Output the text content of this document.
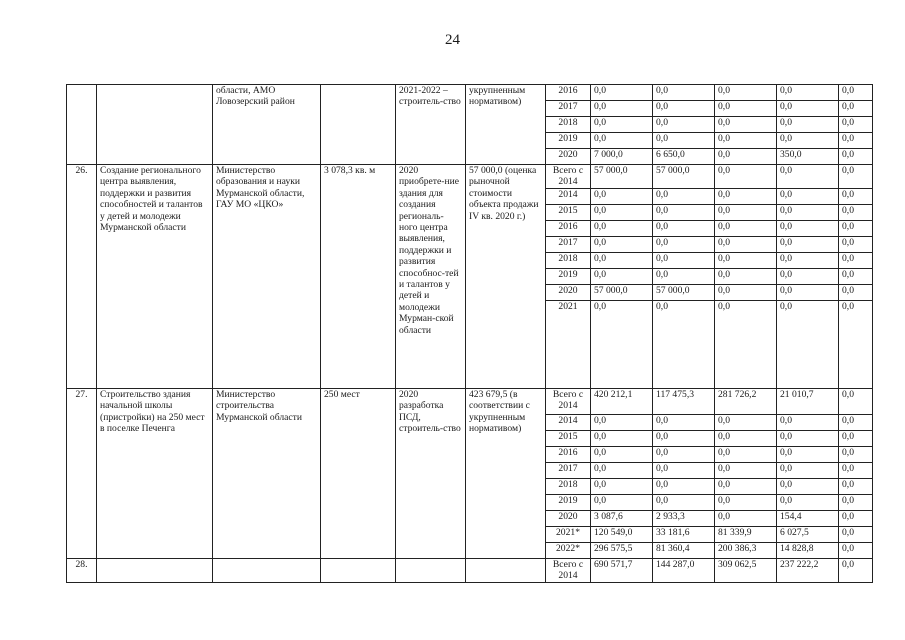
24
		области, АМО Ловозерский район		2021-2022 – строитель-ство	укрупненным нормативом)	2016	0,0	0,0	0,0	0,0	0,0
						2017	0,0	0,0	0,0	0,0	0,0
						2018	0,0	0,0	0,0	0,0	0,0
						2019	0,0	0,0	0,0	0,0	0,0
						2020	7 000,0	6 650,0	0,0	350,0	0,0
26.	Создание регионального центра выявления, поддержки и развития способностей и талантов у детей и молодежи Мурманской области	Министерство образования и науки Мурманской области, ГАУ МО «ЦКО»	3 078,3 кв. м	2020 приобрете-ние здания для создания региональ-ного центра выявления, поддержки и развития способнос-тей и талантов у детей и молодежи Мурман-ской области	57 000,0 (оценка рыночной стоимости объекта продажи IV кв. 2020 г.)	Всего с 2014	57 000,0	57 000,0	0,0	0,0	0,0
						2014	0,0	0,0	0,0	0,0	0,0
						2015	0,0	0,0	0,0	0,0	0,0
						2016	0,0	0,0	0,0	0,0	0,0
						2017	0,0	0,0	0,0	0,0	0,0
						2018	0,0	0,0	0,0	0,0	0,0
						2019	0,0	0,0	0,0	0,0	0,0
						2020	57 000,0	57 000,0	0,0	0,0	0,0
						2021	0,0	0,0	0,0	0,0	0,0
27.	Строительство здания начальной школы (пристройки) на 250 мест в поселке Печенга	Министерство строительства Мурманской области	250 мест	2020 разработка ПСД, строитель-ство	423 679,5 (в соответствии с укрупненным нормативом)	Всего с 2014	420 212,1	117 475,3	281 726,2	21 010,7	0,0
						2014	0,0	0,0	0,0	0,0	0,0
						2015	0,0	0,0	0,0	0,0	0,0
						2016	0,0	0,0	0,0	0,0	0,0
						2017	0,0	0,0	0,0	0,0	0,0
						2018	0,0	0,0	0,0	0,0	0,0
						2019	0,0	0,0	0,0	0,0	0,0
						2020	3 087,6	2 933,3	0,0	154,4	0,0
						2021*	120 549,0	33 181,6	81 339,9	6 027,5	0,0
						2022*	296 575,5	81 360,4	200 386,3	14 828,8	0,0
28.						Всего с 2014	690 571,7	144 287,0	309 062,5	237 222,2	0,0
